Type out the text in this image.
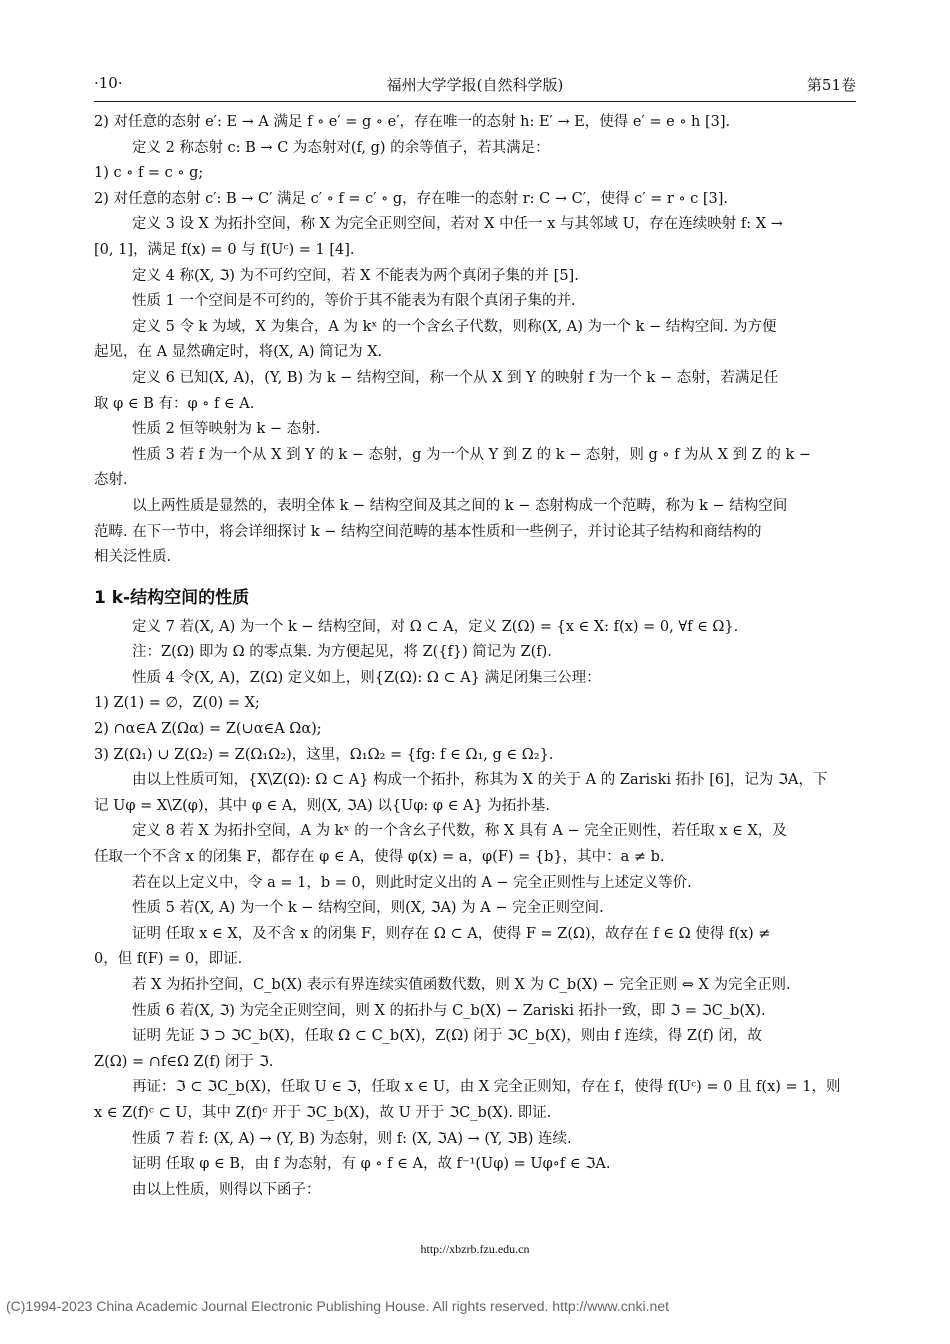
·10·	福州大学学报(自然科学版)	第51卷
2) 对任意的态射 e′: E → A 满足 f ∘ e′ = g ∘ e′，存在唯一的态射 h: E′ → E，使得 e′ = e ∘ h [3].
定义 2 称态射 c: B → C 为态射对(f, g) 的余等值子，若其满足：
1) c ∘ f = c ∘ g;
2) 对任意的态射 c′: B → C′ 满足 c′ ∘ f = c′ ∘ g，存在唯一的态射 r: C → C′，使得 c′ = r ∘ c [3].
定义 3 设 X 为拓扑空间，称 X 为完全正则空间，若对 X 中任一 x 与其邻域 U，存在连续映射 f: X →
[0, 1]，满足 f(x) = 0 与 f(Uᶜ) = 1 [4].
定义 4 称(X, ℑ) 为不可约空间，若 X 不能表为两个真闭子集的并 [5].
性质 1 一个空间是不可约的，等价于其不能表为有限个真闭子集的并.
定义 5 令 k 为域，X 为集合，A 为 kˣ 的一个含幺子代数，则称(X, A) 为一个 k − 结构空间. 为方便
起见，在 A 显然确定时，将(X, A) 简记为 X.
定义 6 已知(X, A)，(Y, B) 为 k − 结构空间，称一个从 X 到 Y 的映射 f 为一个 k − 态射，若满足任
取 φ ∈ B 有：φ ∘ f ∈ A.
性质 2 恒等映射为 k − 态射.
性质 3 若 f 为一个从 X 到 Y 的 k − 态射，g 为一个从 Y 到 Z 的 k − 态射，则 g ∘ f 为从 X 到 Z 的 k −
态射.
以上两性质是显然的，表明全体 k − 结构空间及其之间的 k − 态射构成一个范畴，称为 k − 结构空间
范畴. 在下一节中，将会详细探讨 k − 结构空间范畴的基本性质和一些例子，并讨论其子结构和商结构的
相关泛性质.
1 k-结构空间的性质
定义 7 若(X, A) 为一个 k − 结构空间，对 Ω ⊂ A，定义 Z(Ω) = {x ∈ X: f(x) = 0, ∀f ∈ Ω}.
注：Z(Ω) 即为 Ω 的零点集. 为方便起见，将 Z({f}) 简记为 Z(f).
性质 4 令(X, A)，Z(Ω) 定义如上，则{Z(Ω): Ω ⊂ A} 满足闭集三公理：
1) Z(1) = ∅，Z(0) = X;
2) ∩α∈A Z(Ωα) = Z(∪α∈A Ωα);
3) Z(Ω₁) ∪ Z(Ω₂) = Z(Ω₁Ω₂)，这里，Ω₁Ω₂ = {fg: f ∈ Ω₁, g ∈ Ω₂}.
由以上性质可知，{X\Z(Ω): Ω ⊂ A} 构成一个拓扑，称其为 X 的关于 A 的 Zariski 拓扑 [6]，记为 ℑA，下
记 Uφ = X\Z(φ)，其中 φ ∈ A，则(X, ℑA) 以{Uφ: φ ∈ A} 为拓扑基.
定义 8 若 X 为拓扑空间，A 为 kˣ 的一个含幺子代数，称 X 具有 A − 完全正则性，若任取 x ∈ X，及
任取一个不含 x 的闭集 F，都存在 φ ∈ A，使得 φ(x) = a，φ(F) = {b}，其中：a ≠ b.
若在以上定义中，令 a = 1，b = 0，则此时定义出的 A − 完全正则性与上述定义等价.
性质 5 若(X, A) 为一个 k − 结构空间，则(X, ℑA) 为 A − 完全正则空间.
证明 任取 x ∈ X，及不含 x 的闭集 F，则存在 Ω ⊂ A，使得 F = Z(Ω)，故存在 f ∈ Ω 使得 f(x) ≠
0，但 f(F) = 0，即证.
若 X 为拓扑空间，C_b(X) 表示有界连续实值函数代数，则 X 为 C_b(X) − 完全正则 ⇔ X 为完全正则.
性质 6 若(X, ℑ) 为完全正则空间，则 X 的拓扑与 C_b(X) − Zariski 拓扑一致，即 ℑ = ℑC_b(X).
证明 先证 ℑ ⊃ ℑC_b(X)，任取 Ω ⊂ C_b(X)，Z(Ω) 闭于 ℑC_b(X)，则由 f 连续，得 Z(f) 闭，故
Z(Ω) = ∩f∈Ω Z(f) 闭于 ℑ.
再证：ℑ ⊂ ℑC_b(X)，任取 U ∈ ℑ，任取 x ∈ U，由 X 完全正则知，存在 f，使得 f(Uᶜ) = 0 且 f(x) = 1，则
x ∈ Z(f)ᶜ ⊂ U，其中 Z(f)ᶜ 开于 ℑC_b(X)，故 U 开于 ℑC_b(X). 即证.
性质 7 若 f: (X, A) → (Y, B) 为态射，则 f: (X, ℑA) → (Y, ℑB) 连续.
证明 任取 φ ∈ B，由 f 为态射，有 φ ∘ f ∈ A，故 f⁻¹(Uφ) = Uφ∘f ∈ ℑA.
由以上性质，则得以下函子：
http://xbzrb.fzu.edu.cn
(C)1994-2023 China Academic Journal Electronic Publishing House. All rights reserved. http://www.cnki.net
